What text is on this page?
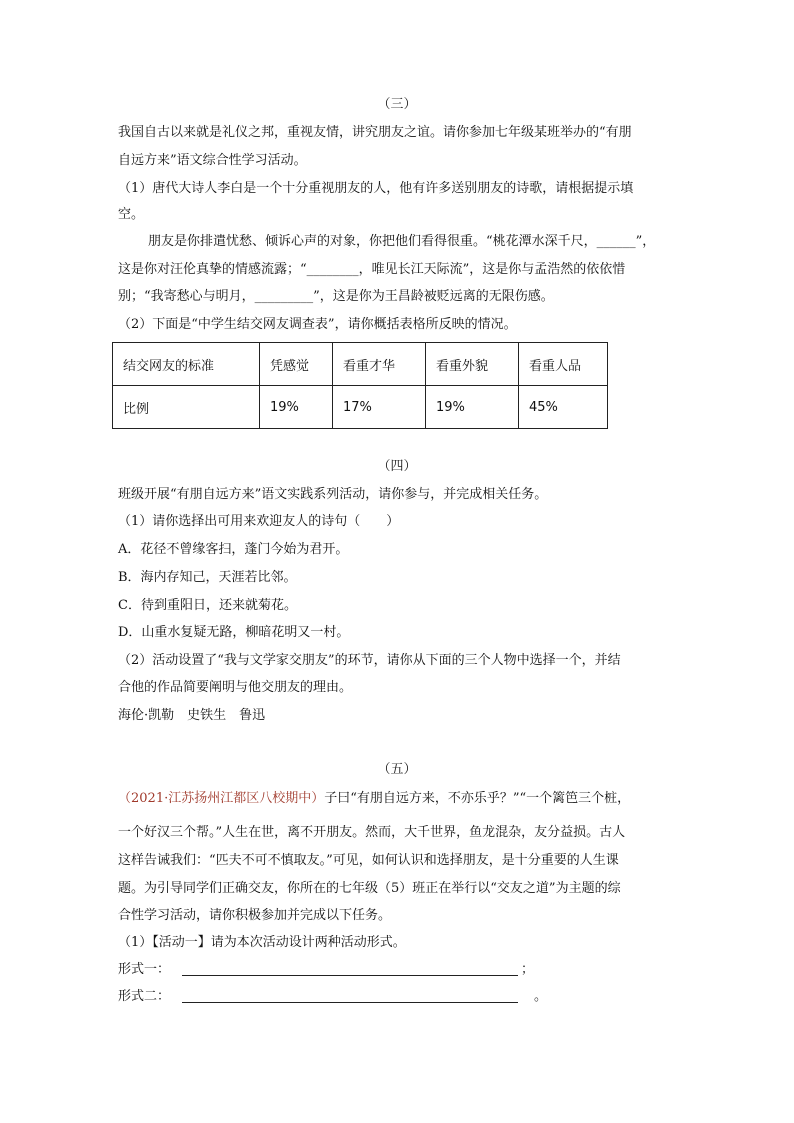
（三）
我国自古以来就是礼仪之邦，重视友情，讲究朋友之谊。请你参加七年级某班举办的“有朋
自远方来”语文综合性学习活动。
（1）唐代大诗人李白是一个十分重视朋友的人，他有许多送别朋友的诗歌，请根据提示填
空。
朋友是你排遣忧愁、倾诉心声的对象，你把他们看得很重。“桃花潭水深千尺，______”，
这是你对汪伦真挚的情感流露；“________，唯见长江天际流”，这是你与孟浩然的依依惜
别；“我寄愁心与明月，_________”，这是你为王昌龄被贬远离的无限伤感。
（2）下面是“中学生结交网友调查表”，请你概括表格所反映的情况。
结交网友的标准	凭感觉	看重才华	看重外貌	看重人品
比例	19%	17%	19%	45%
（四）
班级开展“有朋自远方来”语文实践系列活动，请你参与，并完成相关任务。
（1）请你选择出可用来欢迎友人的诗句（　　）
A．花径不曾缘客扫，蓬门今始为君开。
B．海内存知己，天涯若比邻。
C．待到重阳日，还来就菊花。
D．山重水复疑无路，柳暗花明又一村。
（2）活动设置了“我与文学家交朋友”的环节，请你从下面的三个人物中选择一个，并结
合他的作品简要阐明与他交朋友的理由。
海伦·凯勒　史铁生　鲁迅
（五）
（2021·江苏扬州江都区八校期中）子曰“有朋自远方来，不亦乐乎？”“一个篱笆三个桩，
一个好汉三个帮。”人生在世，离不开朋友。然而，大千世界，鱼龙混杂，友分益损。古人
这样告诫我们：“匹夫不可不慎取友。”可见，如何认识和选择朋友，是十分重要的人生课
题。为引导同学们正确交友，你所在的七年级（5）班正在举行以“交友之道”为主题的综
合性学习活动，请你积极参加并完成以下任务。
（1）【活动一】请为本次活动设计两种活动形式。
形式一：	；
形式二：	。
